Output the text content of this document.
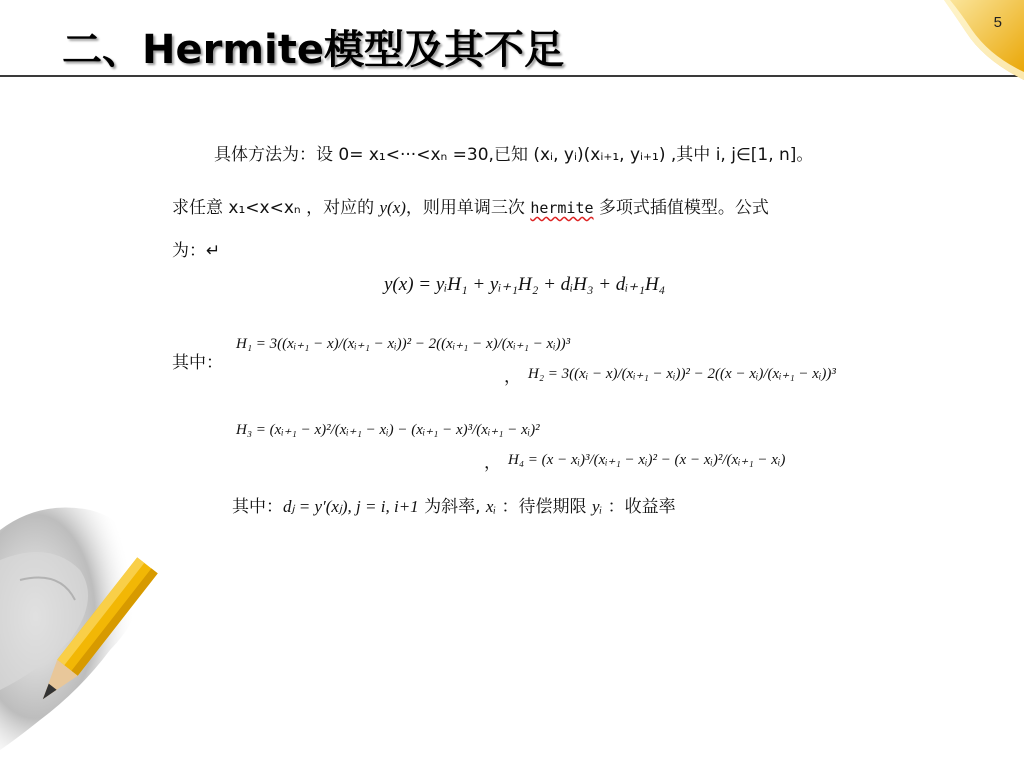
二、Hermite模型及其不足
5
具体方法为：设 0= x₁<···<xₙ =30,已知 (xᵢ, yᵢ)(xᵢ₊₁, yᵢ₊₁) ,其中 i, j∈[1, n]。
求任意 x₁<x<xₙ ，对应的 y(x)，则用单调三次 hermite 多项式插值模型。公式
为：↵
y(x) = yᵢH₁ + yᵢ₊₁H₂ + dᵢH₃ + dᵢ₊₁H₄
其中：
H₁ = 3((xᵢ₊₁ − x)/(xᵢ₊₁ − xᵢ))² − 2((xᵢ₊₁ − x)/(xᵢ₊₁ − xᵢ))³
， H₂ = 3((xᵢ − x)/(xᵢ₊₁ − xᵢ))² − 2((x − xᵢ)/(xᵢ₊₁ − xᵢ))³
H₃ = (xᵢ₊₁ − x)²/(xᵢ₊₁ − xᵢ) − (xᵢ₊₁ − x)³/(xᵢ₊₁ − xᵢ)²
， H₄ = (x − xᵢ)³/(xᵢ₊₁ − xᵢ)² − (x − xᵢ)²/(xᵢ₊₁ − xᵢ)
其中：dⱼ = y′(xⱼ), j = i, i+1 为斜率, xᵢ ：待偿期限 yᵢ ：收益率
